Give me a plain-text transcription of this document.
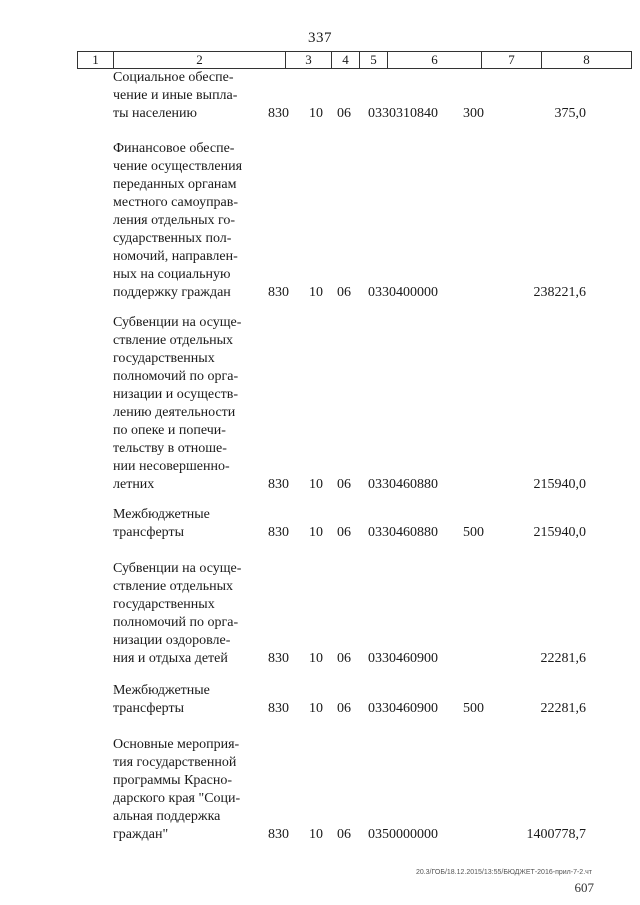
337
1	2	3	4	5	6	7	8
Социальное обеспе-
чение и иные выпла-
ты населению	830 10 06 0330310840 300	375,0
Финансовое обеспе-
чение осуществления
переданных органам
местного самоуправ-
ления отдельных го-
сударственных пол-
номочий, направлен-
ных на социальную
поддержку граждан	830 10 06 0330400000	238221,6
Субвенции на осуще-
ствление отдельных
государственных
полномочий по орга-
низации и осуществ-
лению деятельности
по опеке и попечи-
тельству в отноше-
нии несовершенно-
летних	830 10 06 0330460880	215940,0
Межбюджетные
трансферты	830 10 06 0330460880 500	215940,0
Субвенции на осуще-
ствление отдельных
государственных
полномочий по орга-
низации оздоровле-
ния и отдыха детей	830 10 06 0330460900	22281,6
Межбюджетные
трансферты	830 10 06 0330460900 500	22281,6
Основные мероприя-
тия государственной
программы Красно-
дарского края "Соци-
альная поддержка
граждан"	830 10 06 0350000000	1400778,7
20.3/ГОБ/18.12.2015/13:55/БЮДЖЕТ-2016-прил-7-2.чт
607
